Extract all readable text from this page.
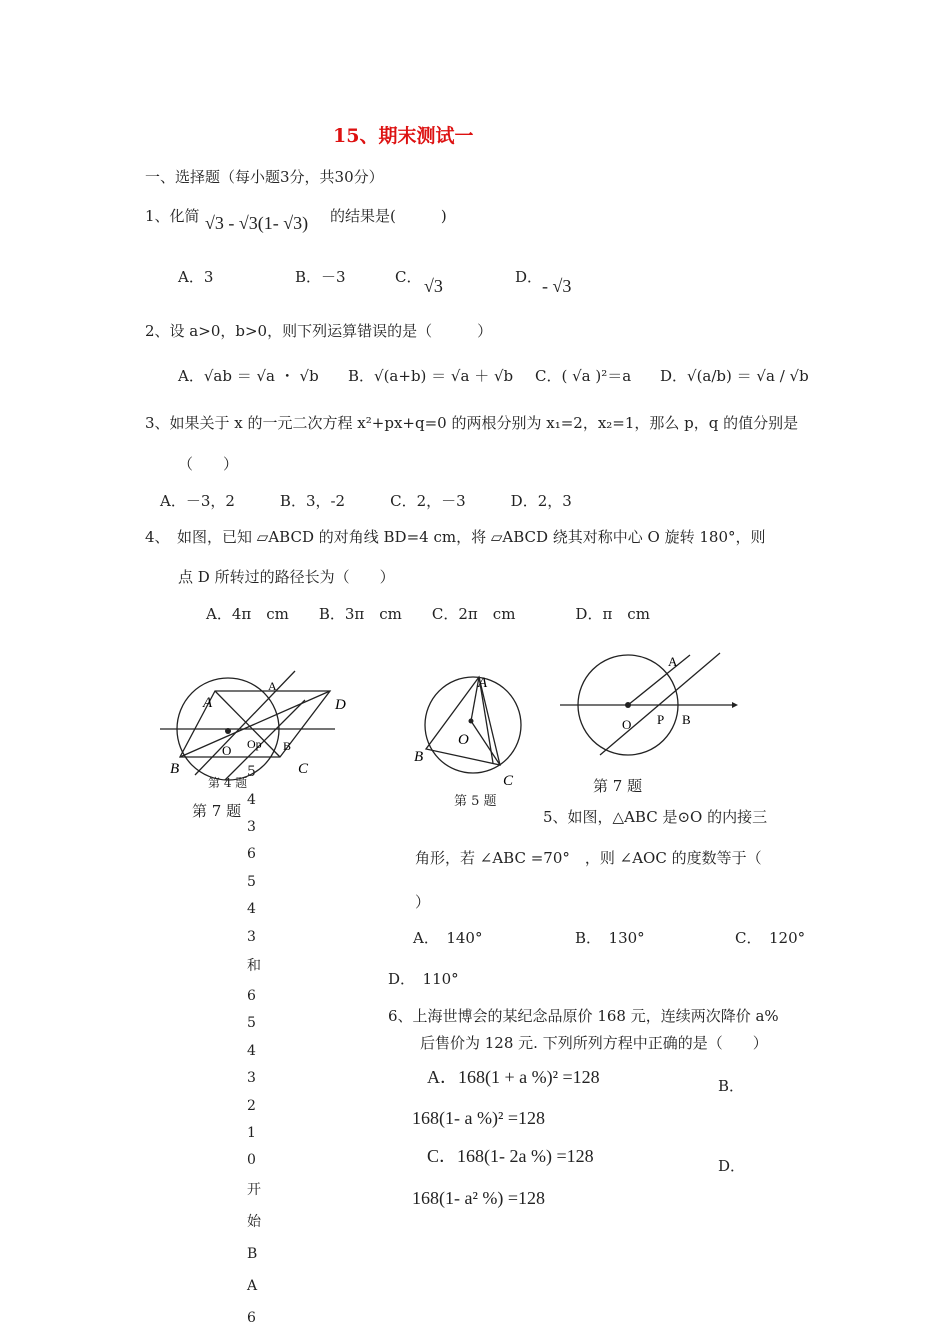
15、期末测试一
一、选择题（每小题3分，共30分）
1、化简 √3 - √3(1- √3) 的结果是(　　　)
A．3	B．－3	C． √3	D． - √3
2、设 a>0，b>0，则下列运算错误的是（　　　）
A．√ab ＝ √a ・ √b B．√(a+b) ＝ √a ＋ √b C．( √a )²＝a D．√(a/b) ＝ √a / √b
3、如果关于 x 的一元二次方程 x²+px+q=0 的两根分别为 x₁=2，x₂=1，那么 p，q 的值分别是
（　　）
A．－3，2　　　B．3，-2　　　C．2，－3　　　D．2，3
4、　如图，已知 ▱ABCD 的对角线 BD=4 cm，将 ▱ABCD 绕其对称中心 O 旋转 180°，则
点 D 所转过的路径长为（　　）
A．4π　cm　　B．3π　cm　　C．2π　cm　　　　D．π　cm
A
A
D
B	C
O Op B
第 4 题
第 7 题
A
B
C
O
第 5 题
A
O P B
第 7 题
5
4
3
6
5
4
3
和
6
5
4
3
2
1
0
开
始
B
A
6
5、如图，△ABC 是⊙O 的内接三
角形，若 ∠ABC =70°　，则 ∠AOC 的度数等于（
）
A．　140°	B．　130°	C．　120°
D．　110°
6、上海世博会的某纪念品原价 168 元，连续两次降价 a%
后售价为 128 元. 下列所列方程中正确的是（　　）
A．168(1 + a %)² =128	B．
168(1- a %)² =128
C．168(1- 2a %) =128	D．
168(1- a² %) =128
